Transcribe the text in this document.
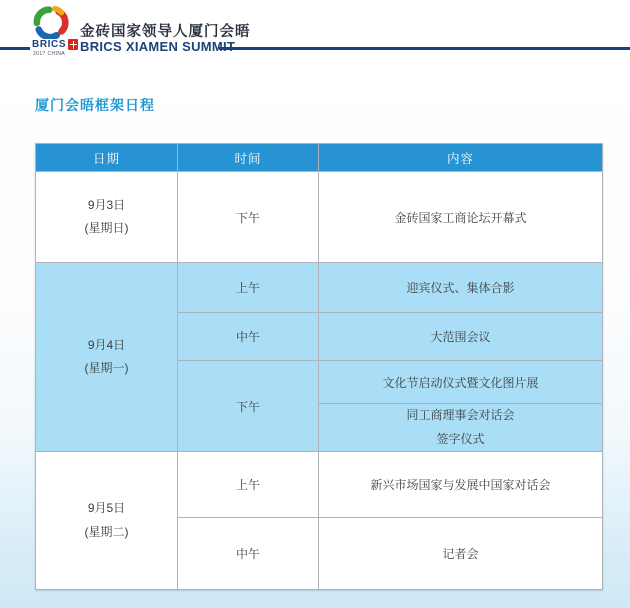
BRICS
2017 CHINA
金砖国家领导人厦门会晤
BRICS XIAMEN SUMMIT
厦门会晤框架日程
日期	时间	内容

9月3日
(星期日)	下午	金砖国家工商论坛开幕式

9月4日
(星期一)	上午	迎宾仪式、集体合影
	中午	大范围会议
	下午	文化节启动仪式暨文化图片展

		同工商理事会对话会
签字仪式

9月5日
(星期二)	上午	新兴市场国家与发展中国家对话会
	中午	记者会
